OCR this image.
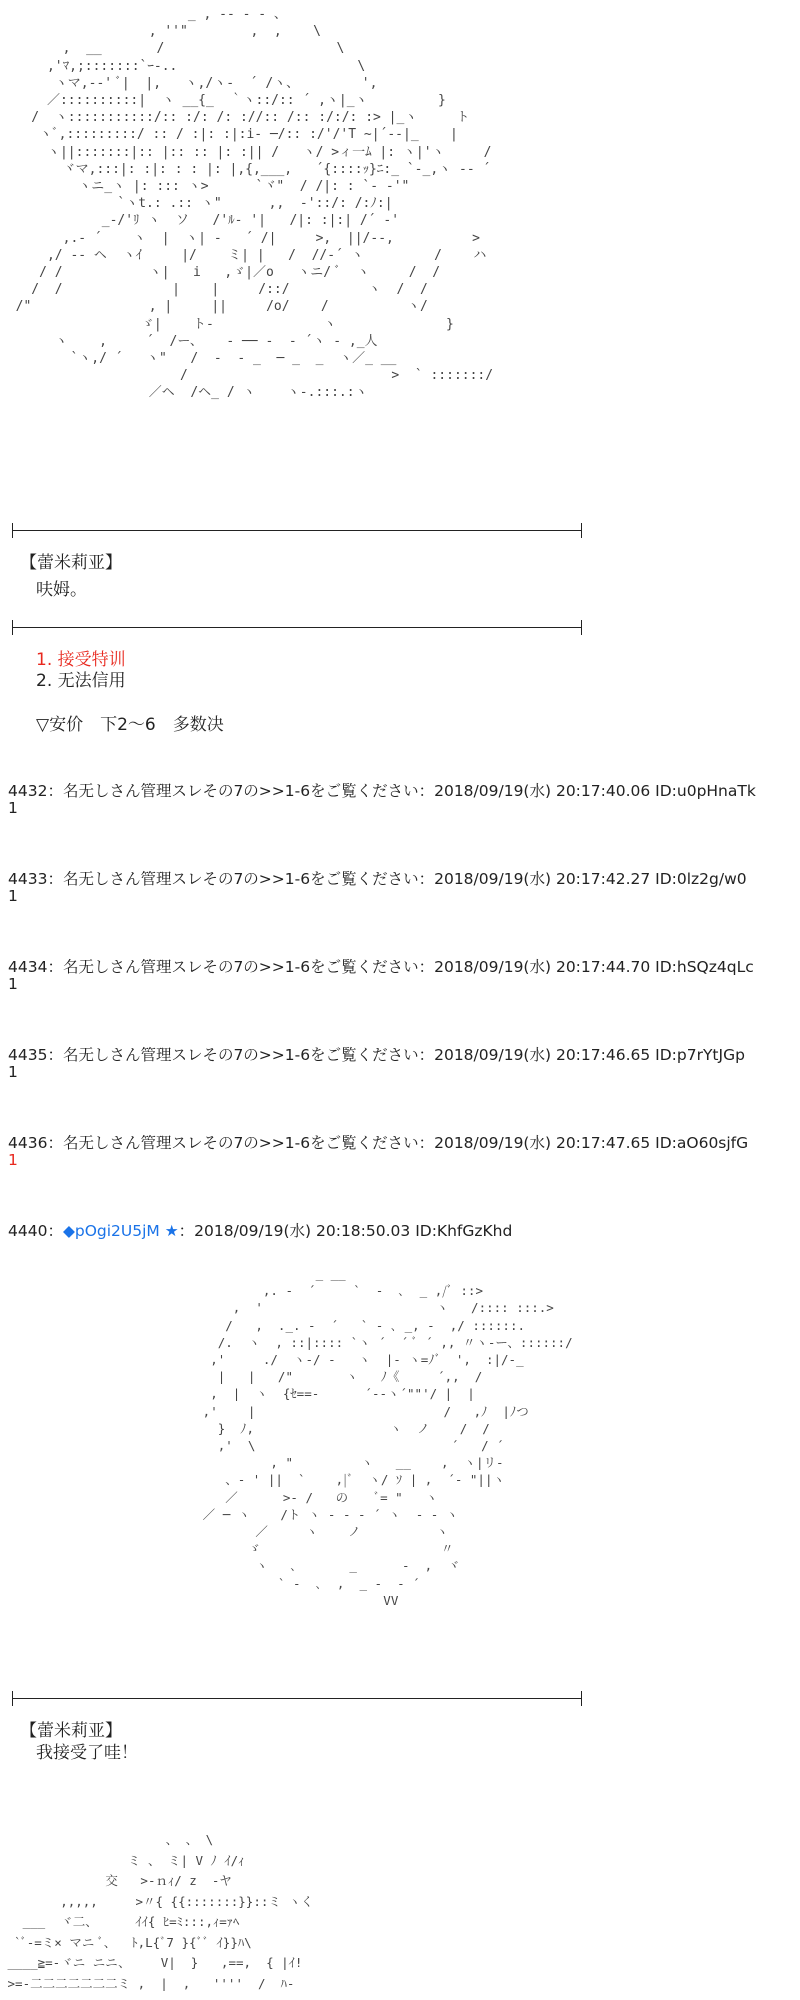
_ , -- ‐ ‐ 、
, ''"        ,  ,    \
,  __       /                      \
,'ﾏ,;:::::::`ｰ-..                       \
ヽマ,-‐' ﾞ|  |,   ヽ,/ヽ‐  ´ /ヽ、        ',
／::::::::::|  ヽ __{_  ｀ヽ::/:: ´ ,ヽ|_ヽ         }
/  ヽ:::::::::::/:: :/: /: ://:: /:: :/:/: :> |_ヽ     ト
ヽﾞ,:::::::::/ :: / :|: :|:i‐ ─/:: :/'/'T ~|´‐-|_    |
ヽ||:::::::|:: |:: :: |: :|| /   ヽ/ >ィ一ﾑ |: ヽ|'ヽ     /
ヾマ,:::|: :|: : : |: |,{,___,   ´{::::ｯ}ﾆ:_ `‐_,ヽ -‐ ´
ヽニ_ヽ |: ::: ヽ>      `ヾ"  / /|: : `‐ -'"
`ヽt.: .:: ヽ"      ,,  ‐'::/: /:ﾉ:|
_‐/'ﾘ ヽ  ソ   /'ﾙ‐ '|   /|: :|:| /´ ‐'
,.‐ ´    ヽ  |  ヽ| ‐   ´ /|     >,  ||/--,          >
,/ -‐ ヘ  ヽｲ     |/    ミ| |   /  //‐´ ヽ         /    ハ
/ /           ヽ|   i   ,ゞ|／o   ヽニ/ ﾞ  ヽ     /  /
/  /              |    |     /::/          ヽ  /  /
/"               , |     ||     /o/    /          ヽ/
ゞ|    ト‐              ヽ              }
ヽ    ,     ´  /ー、   ‐ ── ‐  ‐ ´ヽ ‐ ,_人
`ヽ,/ ´   ヽ"   /  ‐  ‐ _  ─ _  _  ヽ／_ __
/                          >  ` :::::::/
／ヘ  /ヘ_ / ヽ    ヽ‐.:::.:ヽ
【蕾米莉亚】
呋姆。
1. 接受特训
2. 无法信用
▽安价　下2～6　多数决
4432：名无しさん管理スレその7の>>1-6をご覧ください：2018/09/19(水) 20:17:40.06 ID:u0pHnaTk
1
4433：名无しさん管理スレその7の>>1-6をご覧ください：2018/09/19(水) 20:17:42.27 ID:0lz2g/w0
1
4434：名无しさん管理スレその7の>>1-6をご覧ください：2018/09/19(水) 20:17:44.70 ID:hSQz4qLc
1
4435：名无しさん管理スレその7の>>1-6をご覧ください：2018/09/19(水) 20:17:46.65 ID:p7rYtJGp
1
4436：名无しさん管理スレその7の>>1-6をご覧ください：2018/09/19(水) 20:17:47.65 ID:aO60sjfG
1
4440：◆pOgi2U5jM ★：2018/09/19(水) 20:18:50.03 ID:KhfGzKhd
_ __
,. ‐  ´     `  ‐  ､  _ ,/ﾞ ::>
,  '                       ヽ   /:::: :::.>
/   ,  ._. ‐  ´   ` ‐ ､ _, ‐  ,/ ::::::.
/.  ヽ  , ::|:::: `ヽ ´  ´ ﾞ ´ ,, 〃ヽ‐ー、::::::/
,'     ./  ヽ‐/ ‐   ヽ  |‐ ヽ=ﾉﾞ  ',  :|/‐_
|   |   /"       ヽ   ﾉ《     ´,,  /
,  |  ヽ  {ｾ==‐      ´‐‐ヽ´""'/ |  |
,'    |                         /   ,ﾉ  |ﾉつ
}  ﾉ,                  ヽ  ノ    /  /
,'  \                          ´   / ´
, "         ヽ   __    ,  ヽ|リ-
、- ' ||  `    ,|ﾞ  ヽ/ ｿ | ,  ´‐ "||ヽ
／      >‐ /   の    ﾞ= "   ヽ
／ ─ ヽ    /ト ヽ ‐ ‐ ‐ ´ ヽ  ‐ ‐ ヽ
／     ヽ    ノ          ヽ
ゞ                        〃
ヽ   ､       _      ‐  ,  ヾ
` ‐  ､  ,  _ ‐  ‐ ´
VV
【蕾米莉亚】
我接受了哇！
、 、 \
ミ 、 ミ| V ﾉ ｲ/ｨ
交   >‐ｎｨ/ z  ‐ヤ
,,,,,     >〃{ {{:::::::}}::ミ ヽく
___  ヾ二、     ｲｲ{ ﾋ=ﾐ:::,ｨ=ｧﾍ
`ﾞ‐=ミ× マニ ﾞ、  ﾄ,L{ﾞ7 }{ﾞﾞ ｲ}}ﾊ\
____≧=‐ヾニ ニニ、    V|  }   ,==,  { |ｲ!
>=‐二二二二二二二ミ ,  |  ,   ''''  /  ﾊ-
